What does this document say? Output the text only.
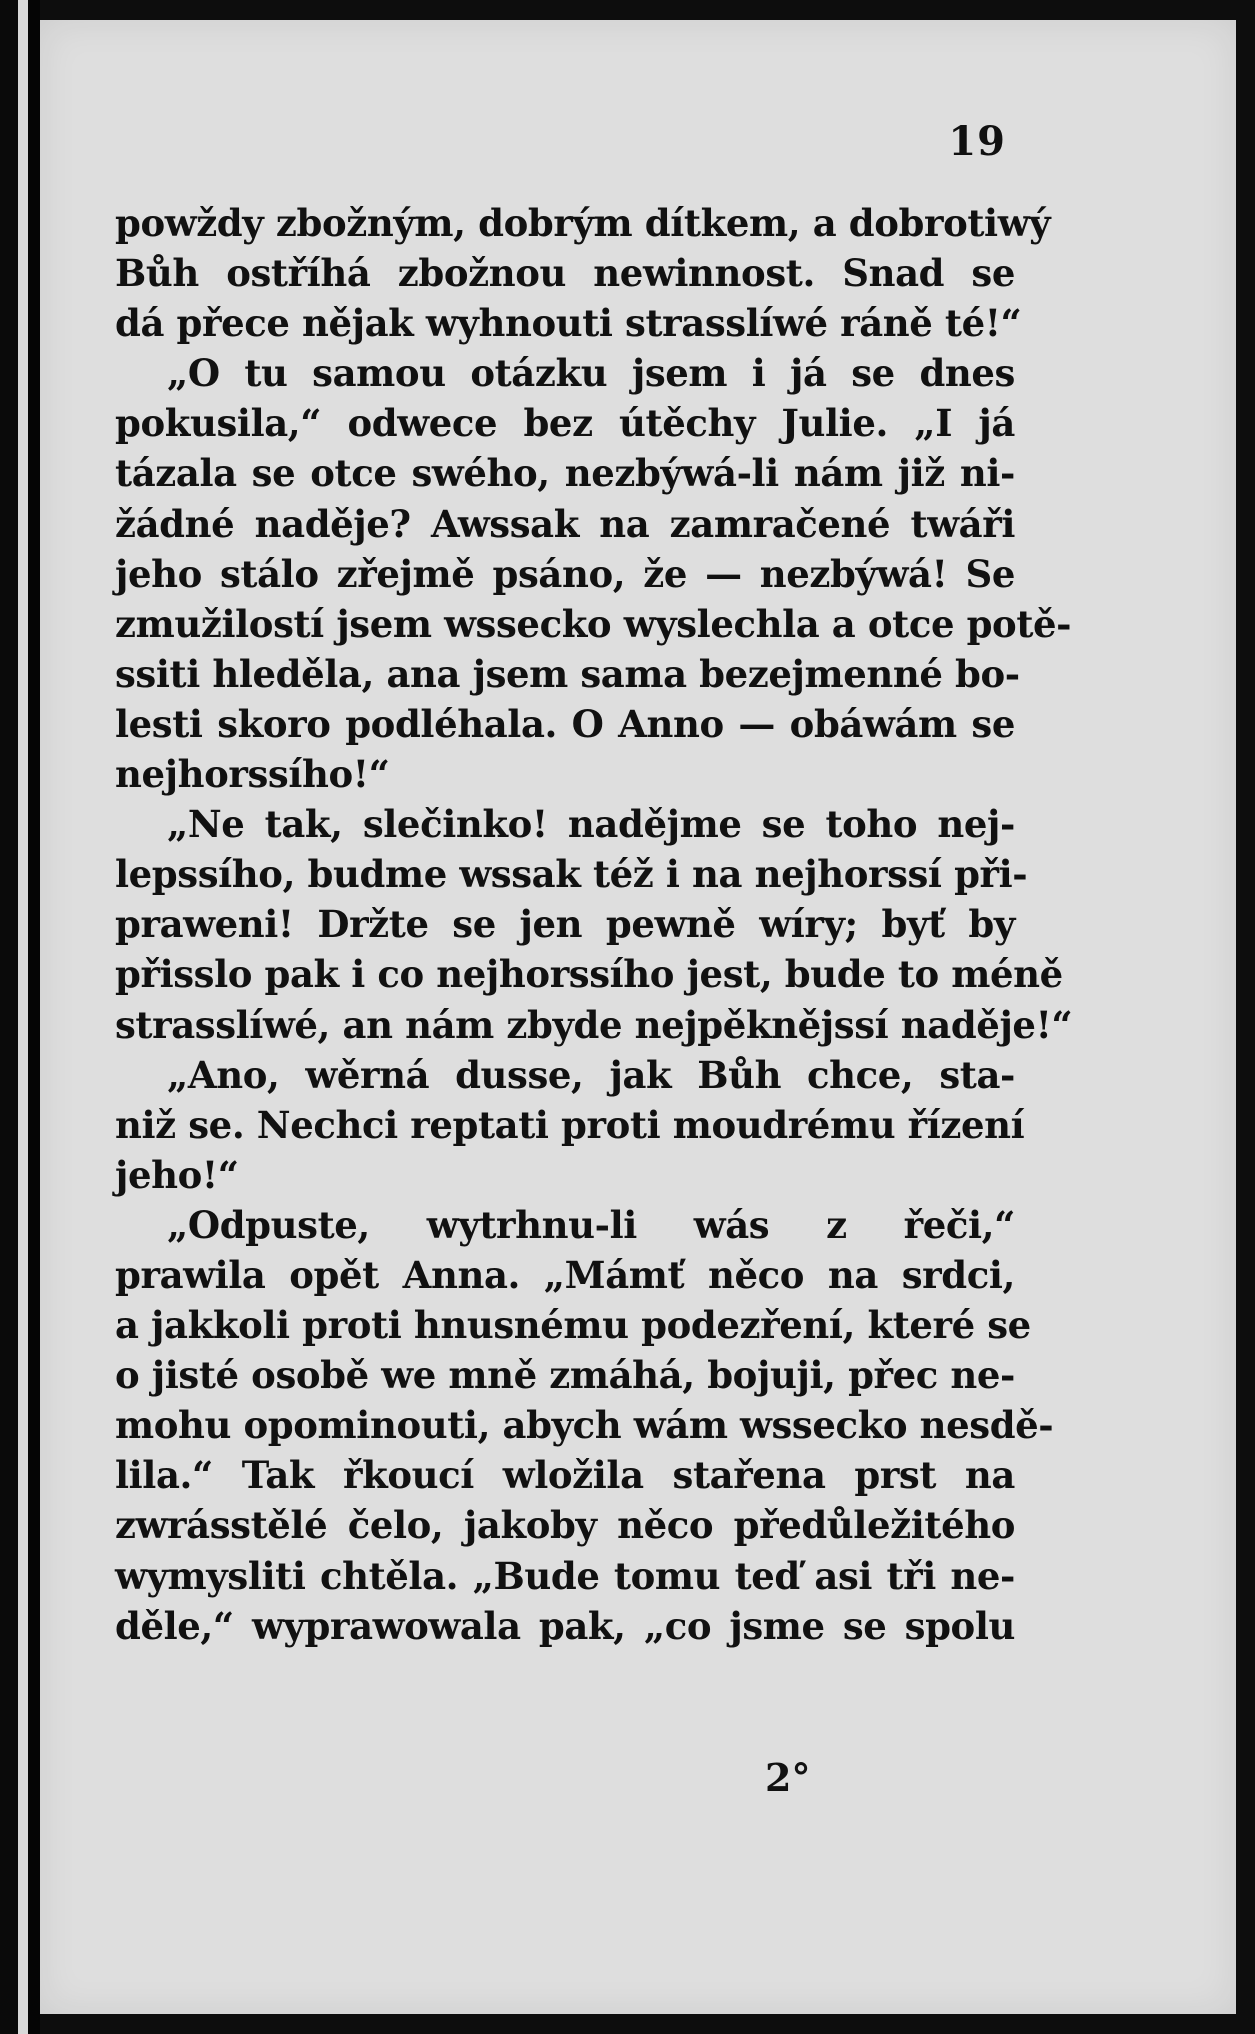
19
powždy zbožným, dobrým dítkem, a dobrotiwý
Bůh ostříhá zbožnou newinnost. Snad se
dá přece nějak wyhnouti strasslíwé ráně té!“
„O tu samou otázku jsem i já se dnes
pokusila,“ odwece bez útěchy Julie. „I já
tázala se otce swého, nezbýwá-li nám již ni-
žádné naděje? Awssak na zamračené twáři
jeho stálo zřejmě psáno, že — nezbýwá! Se
zmužilostí jsem wssecko wyslechla a otce potě-
ssiti hleděla, ana jsem sama bezejmenné bo-
lesti skoro podléhala. O Anno — obáwám se
nejhorssího!“
„Ne tak, slečinko! nadějme se toho nej-
lepssího, budme wssak též i na nejhorssí při-
praweni! Držte se jen pewně wíry; byť by
přisslo pak i co nejhorssího jest, bude to méně
strasslíwé, an nám zbyde nejpěkněјssí naděje!“
„Ano, wěrná dusse, jak Bůh chce, sta-
niž se. Nechci reptati proti moudrému řízení
jeho!“
„Odpuste, wytrhnu-li wás z řeči,“
prawila opět Anna. „Mámť něco na srdci,
a jakkoli proti hnusnému podezření, které se
o jisté osobě we mně zmáhá, bojuji, přec ne-
mohu opominouti, abych wám wssecko nesdě-
lila.“ Tak řkoucí wložila stařena prst na
zwrásstělé čelo, jakoby něco předůležitého
wymysliti chtěla. „Bude tomu teď asi tři ne-
děle,“ wyprawowala pak, „co jsme se spolu
2°
